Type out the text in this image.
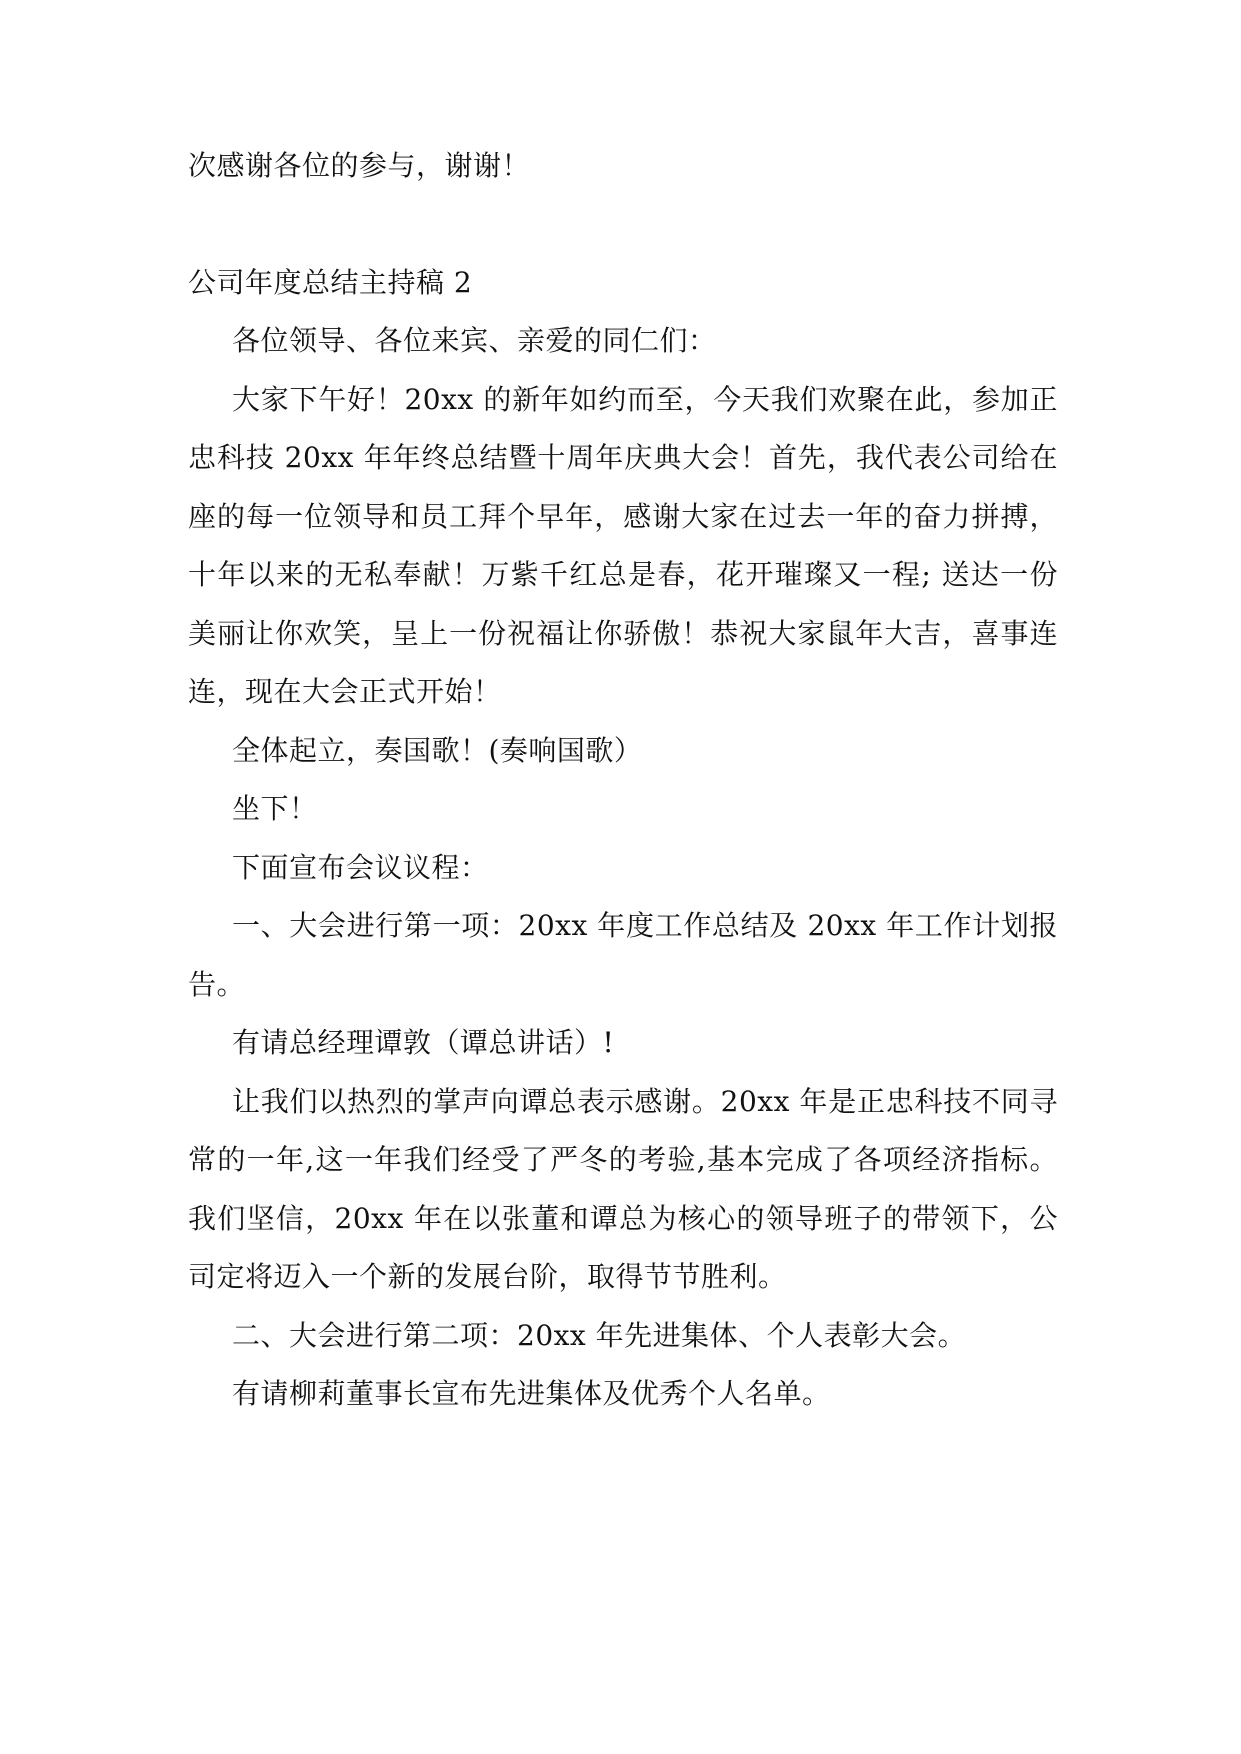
次感谢各位的参与，谢谢！
公司年度总结主持稿 2
各位领导、各位来宾、亲爱的同仁们：
大家下午好！20xx 的新年如约而至，今天我们欢聚在此，参加正
忠科技 20xx 年年终总结暨十周年庆典大会！首先，我代表公司给在
座的每一位领导和员工拜个早年，感谢大家在过去一年的奋力拼搏，
十年以来的无私奉献！万紫千红总是春，花开璀璨又一程; 送达一份
美丽让你欢笑，呈上一份祝福让你骄傲！恭祝大家鼠年大吉，喜事连
连，现在大会正式开始！
全体起立，奏国歌！(奏响国歌）
坐下！
下面宣布会议议程：
一、大会进行第一项：20xx 年度工作总结及 20xx 年工作计划报
告。
有请总经理谭敦（谭总讲话）!
让我们以热烈的掌声向谭总表示感谢。20xx 年是正忠科技不同寻
常的一年,这一年我们经受了严冬的考验,基本完成了各项经济指标。
我们坚信，20xx 年在以张董和谭总为核心的领导班子的带领下，公
司定将迈入一个新的发展台阶，取得节节胜利。
二、大会进行第二项：20xx 年先进集体、个人表彰大会。
有请柳莉董事长宣布先进集体及优秀个人名单。
